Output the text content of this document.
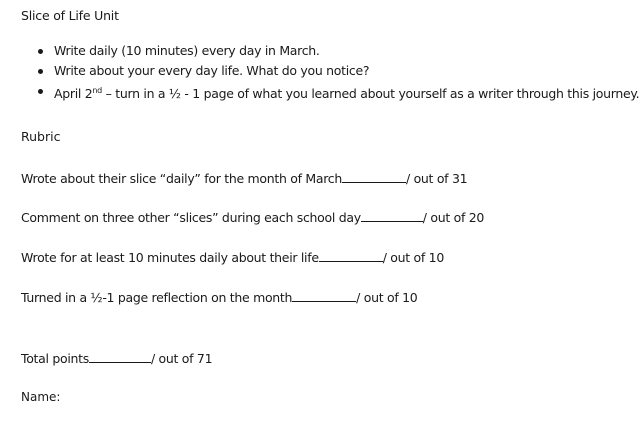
Slice of Life Unit
Write daily (10 minutes) every day in March.
Write about your every day life. What do you notice?
April 2nd – turn in a ½ - 1 page of what you learned about yourself as a writer through this journey.
Rubric
Wrote about their slice “daily” for the month of March	/ out of 31
Comment on three other “slices” during each school day	/ out of 20
Wrote for at least 10 minutes daily about their life	/ out of 10
Turned in a ½-1 page reflection on the month	/ out of 10
Total points	/ out of 71
Name:
